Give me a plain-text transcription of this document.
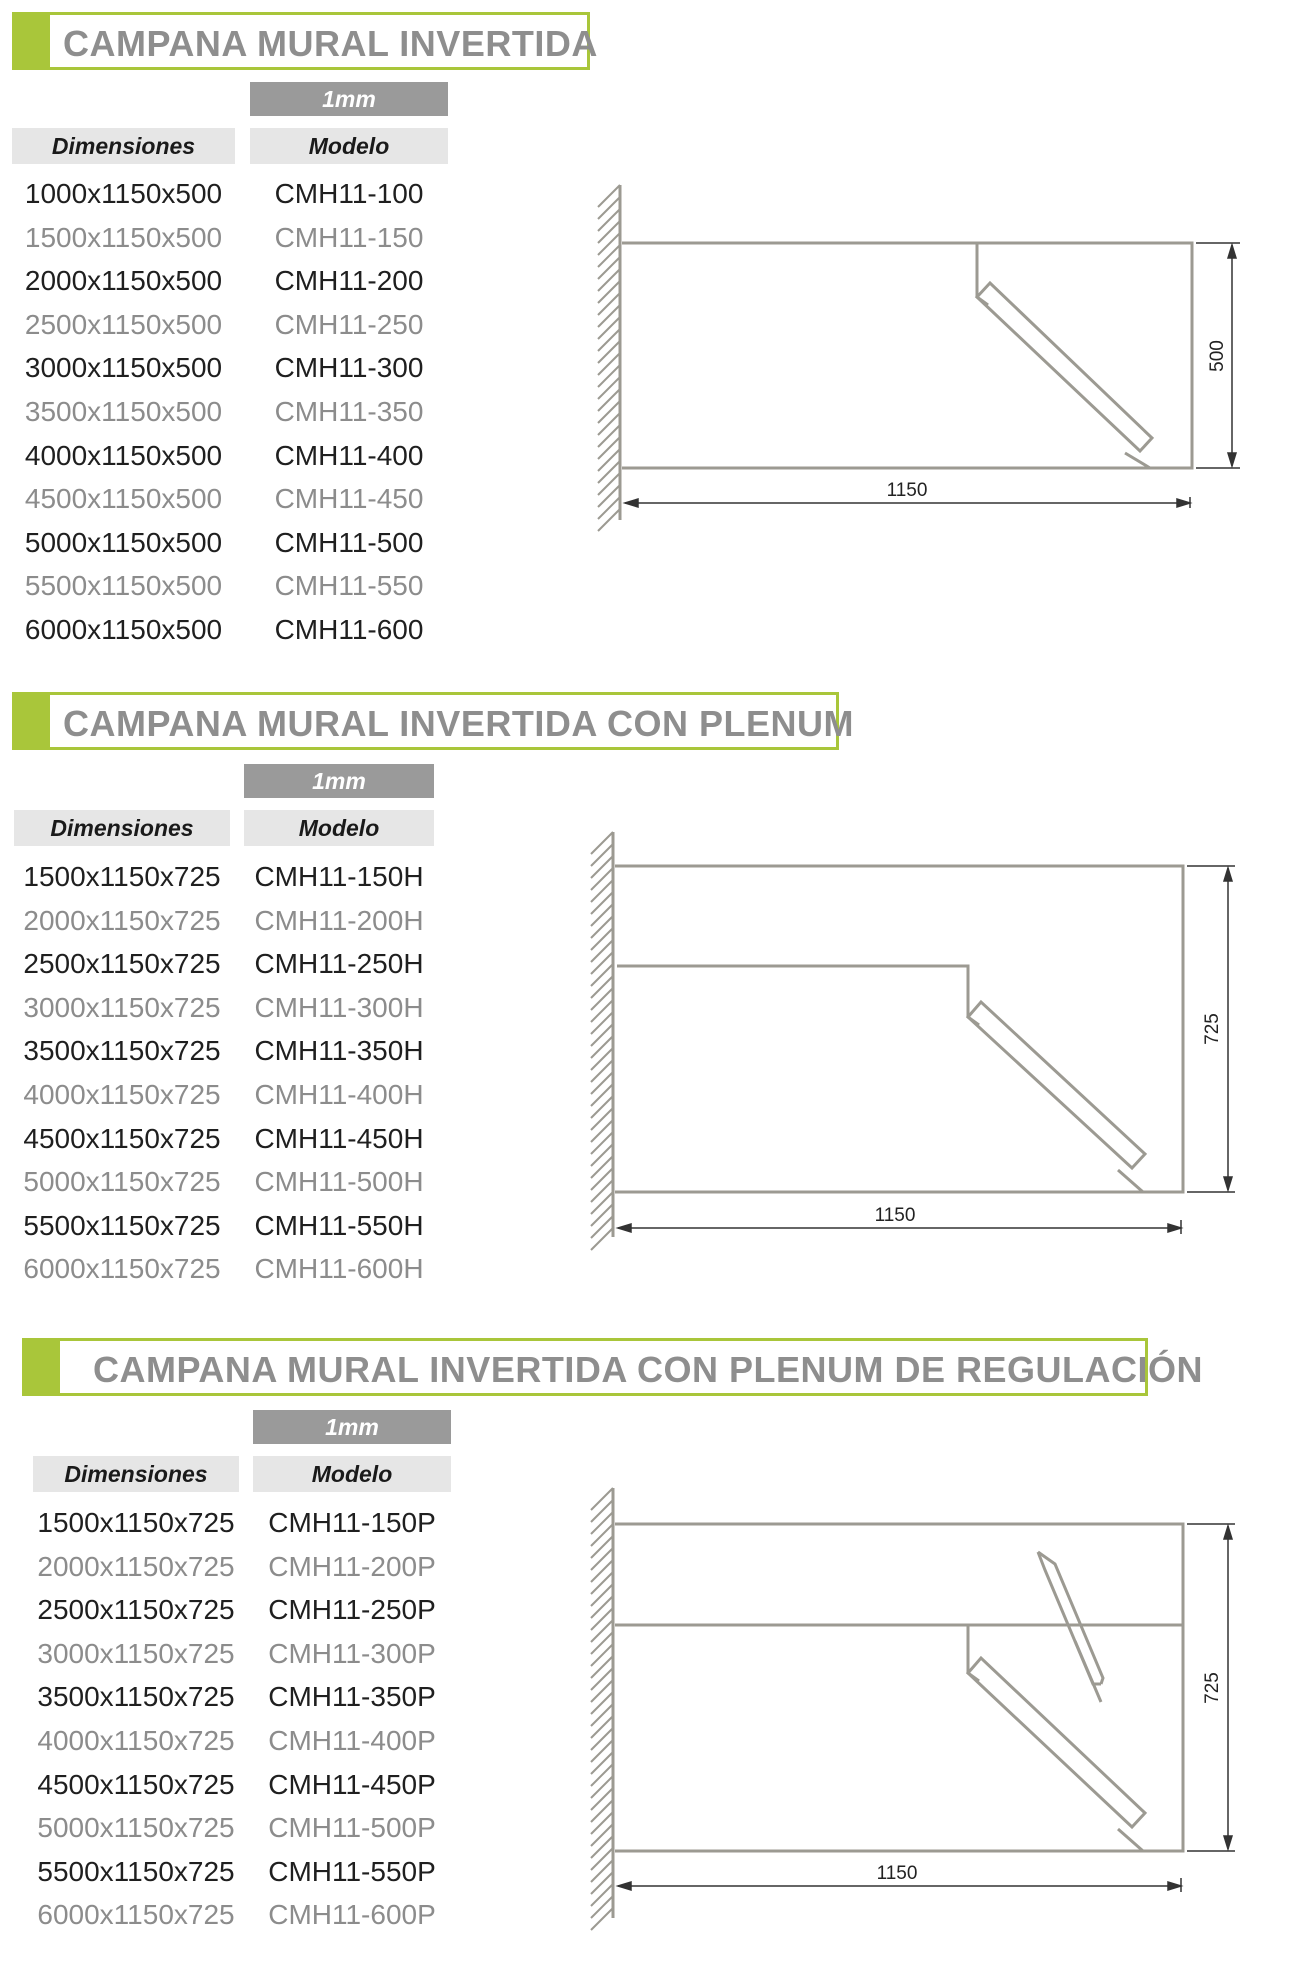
CAMPANA MURAL INVERTIDA
1mm
Dimensiones	Modelo
1000x1150x500	CMH11-100
1500x1150x500	CMH11-150
2000x1150x500	CMH11-200
2500x1150x500	CMH11-250
3000x1150x500	CMH11-300
3500x1150x500	CMH11-350
4000x1150x500	CMH11-400
4500x1150x500	CMH11-450
5000x1150x500	CMH11-500
5500x1150x500	CMH11-550
6000x1150x500	CMH11-600
1150
500
CAMPANA MURAL INVERTIDA CON PLENUM
1mm
Dimensiones	Modelo
1500x1150x725	CMH11-150H
2000x1150x725	CMH11-200H
2500x1150x725	CMH11-250H
3000x1150x725	CMH11-300H
3500x1150x725	CMH11-350H
4000x1150x725	CMH11-400H
4500x1150x725	CMH11-450H
5000x1150x725	CMH11-500H
5500x1150x725	CMH11-550H
6000x1150x725	CMH11-600H
1150
725
CAMPANA MURAL INVERTIDA CON PLENUM DE REGULACIÓN
1mm
Dimensiones	Modelo
1500x1150x725	CMH11-150P
2000x1150x725	CMH11-200P
2500x1150x725	CMH11-250P
3000x1150x725	CMH11-300P
3500x1150x725	CMH11-350P
4000x1150x725	CMH11-400P
4500x1150x725	CMH11-450P
5000x1150x725	CMH11-500P
5500x1150x725	CMH11-550P
6000x1150x725	CMH11-600P
1150
725
